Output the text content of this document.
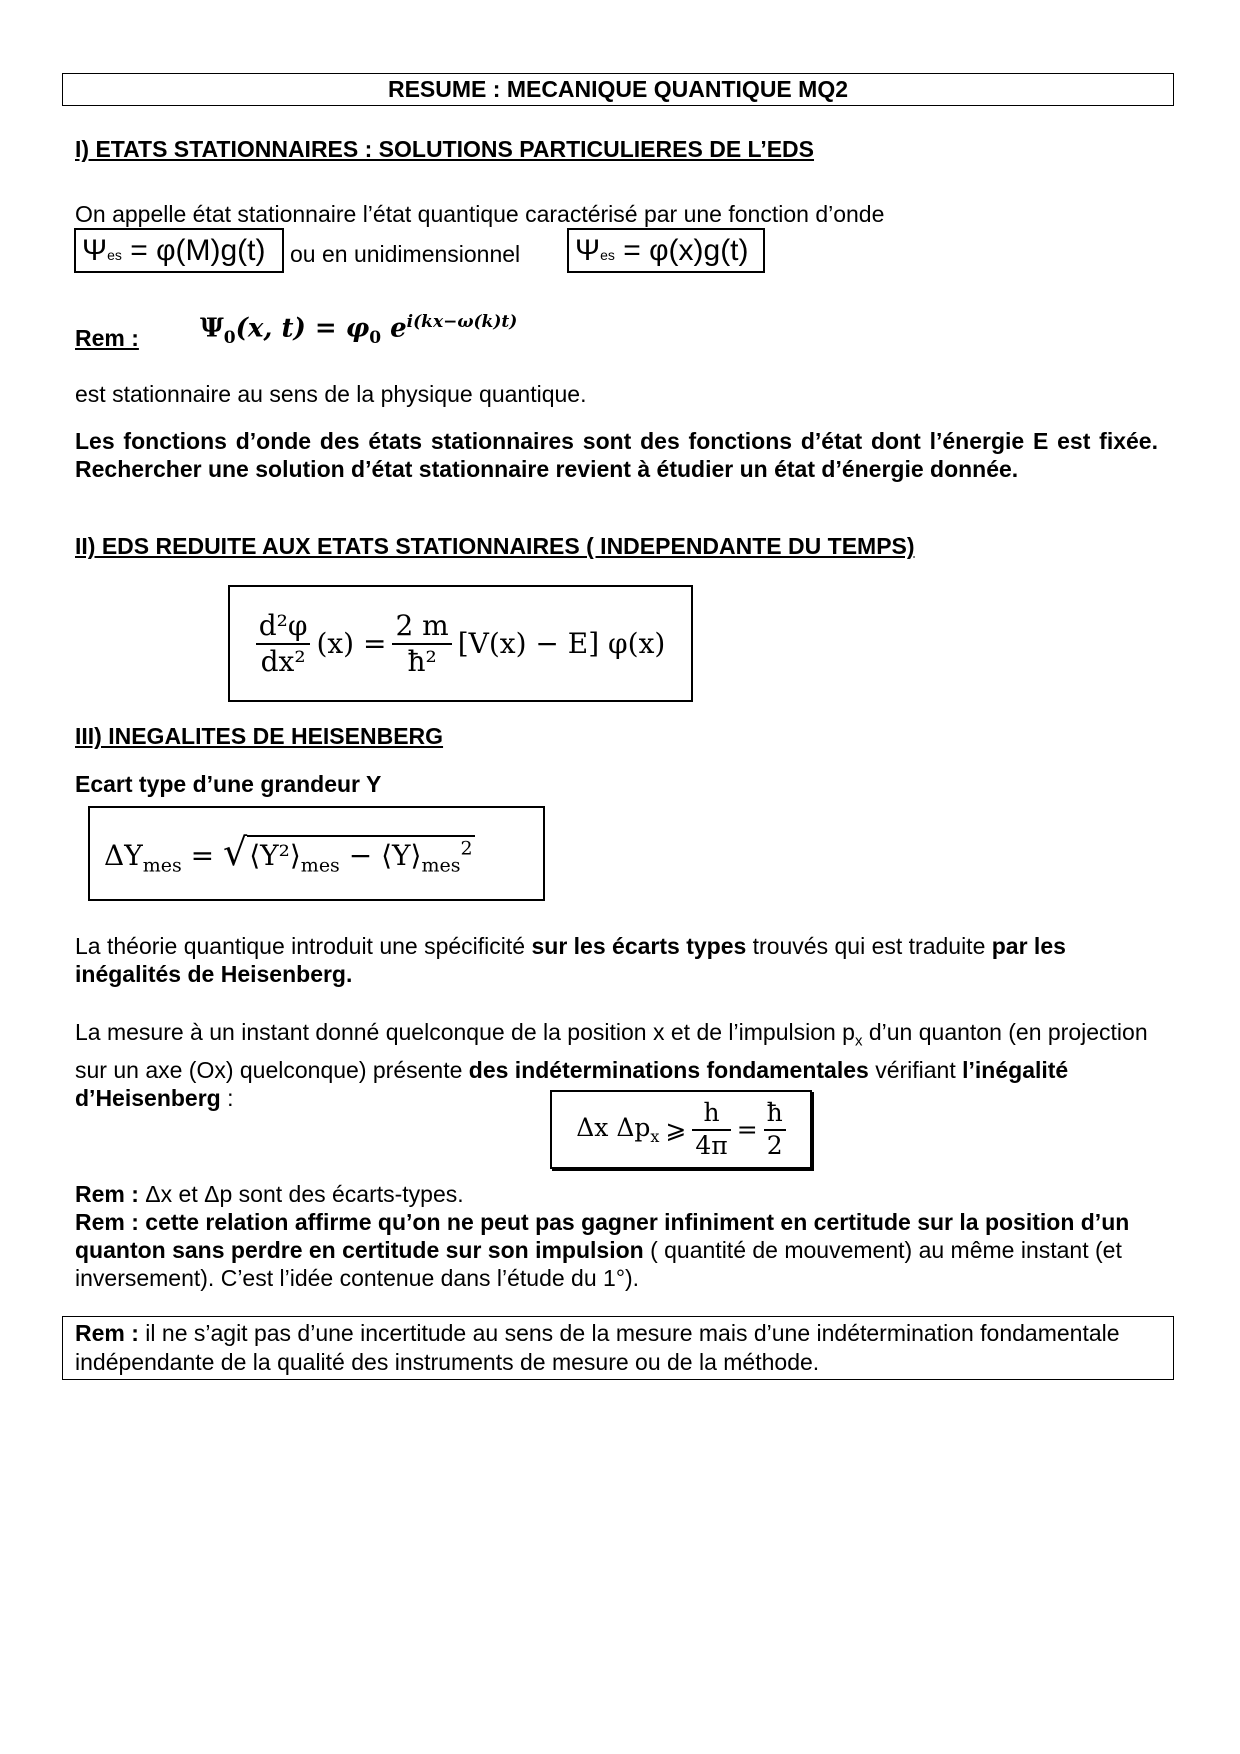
RESUME : MECANIQUE QUANTIQUE MQ2
I) ETATS STATIONNAIRES : SOLUTIONS PARTICULIERES DE L’EDS
On appelle état stationnaire l’état quantique caractérisé par une fonction d’onde
Ψes = φ(M)g(t)	ou en unidimensionnel Ψes = φ(x)g(t)
Rem : $\Psi_0(x$, $t) = \varphi_0$ $e^{i(kx-\omega(k)t)}$
est stationnaire au sens de la physique quantique.
Les fonctions d’onde des états stationnaires sont des fonctions d’état dont l’énergie E est fixée. Rechercher une solution d’état stationnaire revient à étudier un état d’énergie donnée.
II) EDS REDUITE AUX ETATS STATIONNAIRES ( INDEPENDANTE DU TEMPS)
$\frac{\text{d²φ}}{\text{dx²}} (x) = \frac{2 m}{\text{ħ²}} [V(x) - E]$ φ(x)
III) INEGALITES DE HEISENBERG
Ecart type d’une grandeur Y
$\Delta Y_{mes}$ = $√⟨Y^2⟩_{mes}$ − $⟨Y⟩_{mes}^2$
La théorie quantique introduit une spécificité sur les écarts types trouvés qui est traduite par les inégalités de Heisenberg.
La mesure à un instant donné quelconque de la position x et de l’impulsion $p_x$ d’un quanton (en projection sur un axe (Ox) quelconque) présente des indéterminations fondamentales vérifiant l’inégalité d’Heisenberg :
Δx $\Delta p_x$ ⩾ $\frac{h}{4\pi} = \frac{ħ}{2}$
Rem : Δx et Δp sont des écarts-types.
Rem : cette relation affirme qu’on ne peut pas gagner infiniment en certitude sur la position d’un quanton sans perdre en certitude sur son impulsion ( quantité de mouvement) au même instant (et inversement). C’est l’idée contenue dans l’étude du 1°).
Rem : il ne s’agit pas d’une incertitude au sens de la mesure mais d’une indétermination fondamentale indépendante de la qualité des instruments de mesure ou de la méthode.
